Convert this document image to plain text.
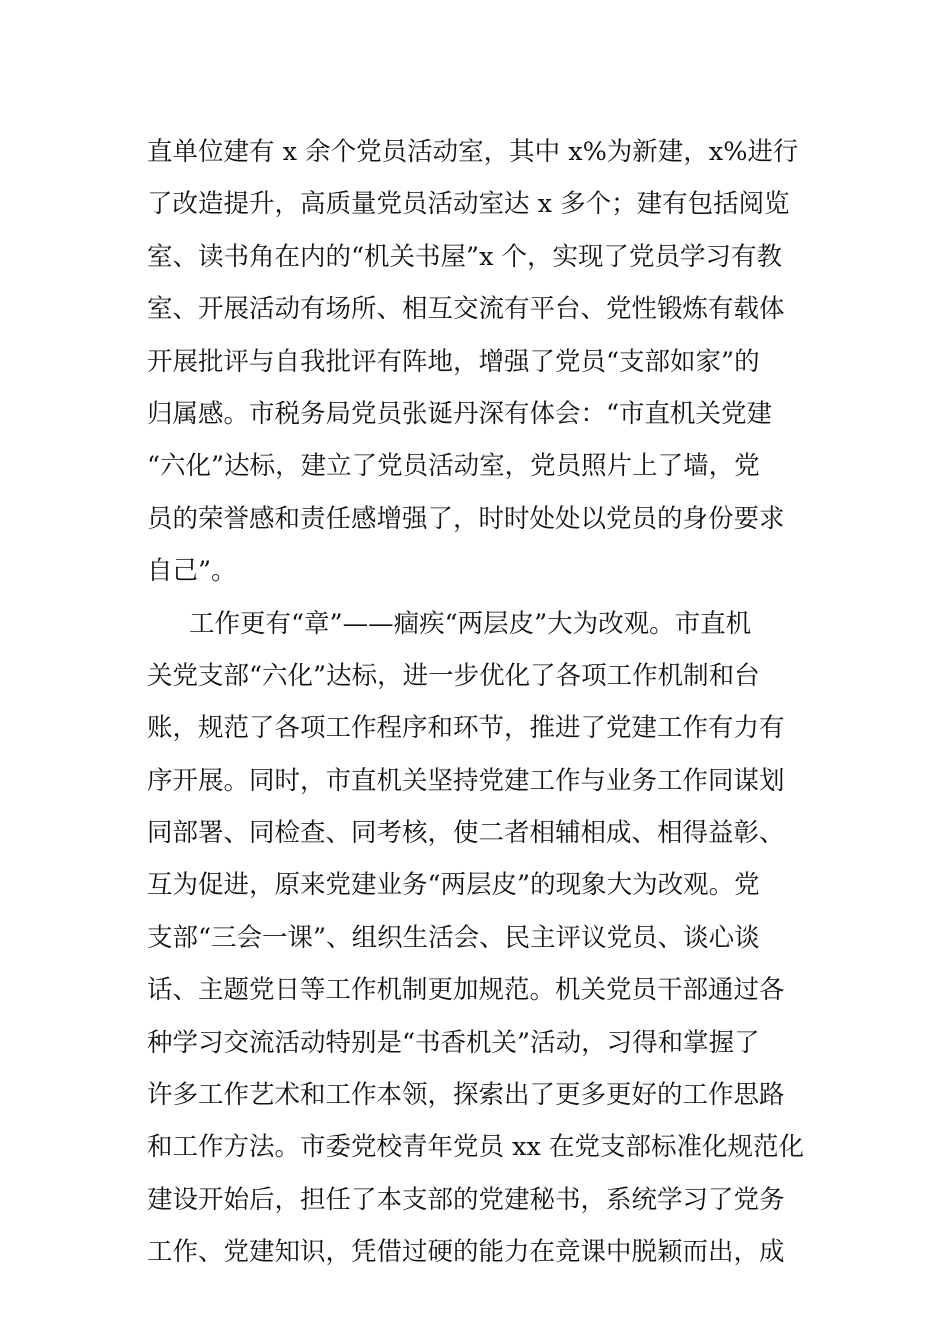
直单位建有 x 余个党员活动室，其中 x%为新建，x%进行
了改造提升，高质量党员活动室达 x 多个；建有包括阅览
室、读书角在内的“机关书屋”x 个，实现了党员学习有教
室、开展活动有场所、相互交流有平台、党性锻炼有载体
开展批评与自我批评有阵地，增强了党员“支部如家”的
归属感。市税务局党员张诞丹深有体会：“市直机关党建
“六化”达标，建立了党员活动室，党员照片上了墙，党
员的荣誉感和责任感增强了，时时处处以党员的身份要求
自己”。
工作更有“章”——痼疾“两层皮”大为改观。市直机
关党支部“六化”达标，进一步优化了各项工作机制和台
账，规范了各项工作程序和环节，推进了党建工作有力有
序开展。同时，市直机关坚持党建工作与业务工作同谋划
同部署、同检查、同考核，使二者相辅相成、相得益彰、
互为促进，原来党建业务“两层皮”的现象大为改观。党
支部“三会一课”、组织生活会、民主评议党员、谈心谈
话、主题党日等工作机制更加规范。机关党员干部通过各
种学习交流活动特别是“书香机关”活动，习得和掌握了
许多工作艺术和工作本领，探索出了更多更好的工作思路
和工作方法。市委党校青年党员 xx 在党支部标准化规范化
建设开始后，担任了本支部的党建秘书，系统学习了党务
工作、党建知识，凭借过硬的能力在竞课中脱颖而出，成
